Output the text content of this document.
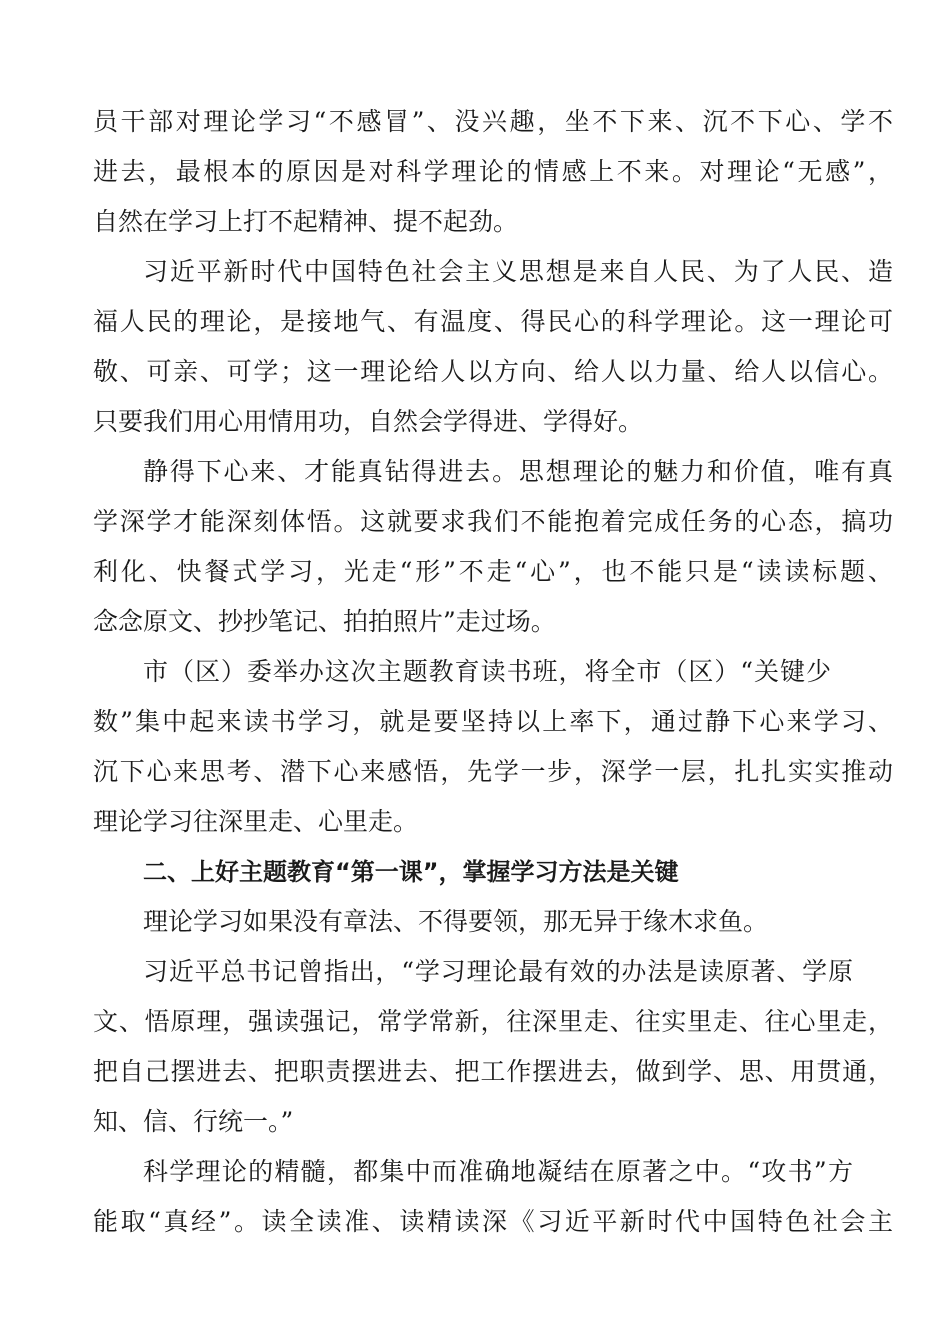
员干部对理论学习“不感冒”、没兴趣，坐不下来、沉不下心、学不
进去，最根本的原因是对科学理论的情感上不来。对理论“无感”，
自然在学习上打不起精神、提不起劲。
习近平新时代中国特色社会主义思想是来自人民、为了人民、造
福人民的理论，是接地气、有温度、得民心的科学理论。这一理论可
敬、可亲、可学；这一理论给人以方向、给人以力量、给人以信心。
只要我们用心用情用功，自然会学得进、学得好。
静得下心来、才能真钻得进去。思想理论的魅力和价值，唯有真
学深学才能深刻体悟。这就要求我们不能抱着完成任务的心态，搞功
利化、快餐式学习，光走“形”不走“心”，也不能只是“读读标题、
念念原文、抄抄笔记、拍拍照片”走过场。
市（区）委举办这次主题教育读书班，将全市（区）“关键少
数”集中起来读书学习，就是要坚持以上率下，通过静下心来学习、
沉下心来思考、潜下心来感悟，先学一步，深学一层，扎扎实实推动
理论学习往深里走、心里走。
二、上好主题教育“第一课”，掌握学习方法是关键
理论学习如果没有章法、不得要领，那无异于缘木求鱼。
习近平总书记曾指出，“学习理论最有效的办法是读原著、学原
文、悟原理，强读强记，常学常新，往深里走、往实里走、往心里走，
把自己摆进去、把职责摆进去、把工作摆进去，做到学、思、用贯通，
知、信、行统一。”
科学理论的精髓，都集中而准确地凝结在原著之中。“攻书”方
能取“真经”。读全读准、读精读深《习近平新时代中国特色社会主
